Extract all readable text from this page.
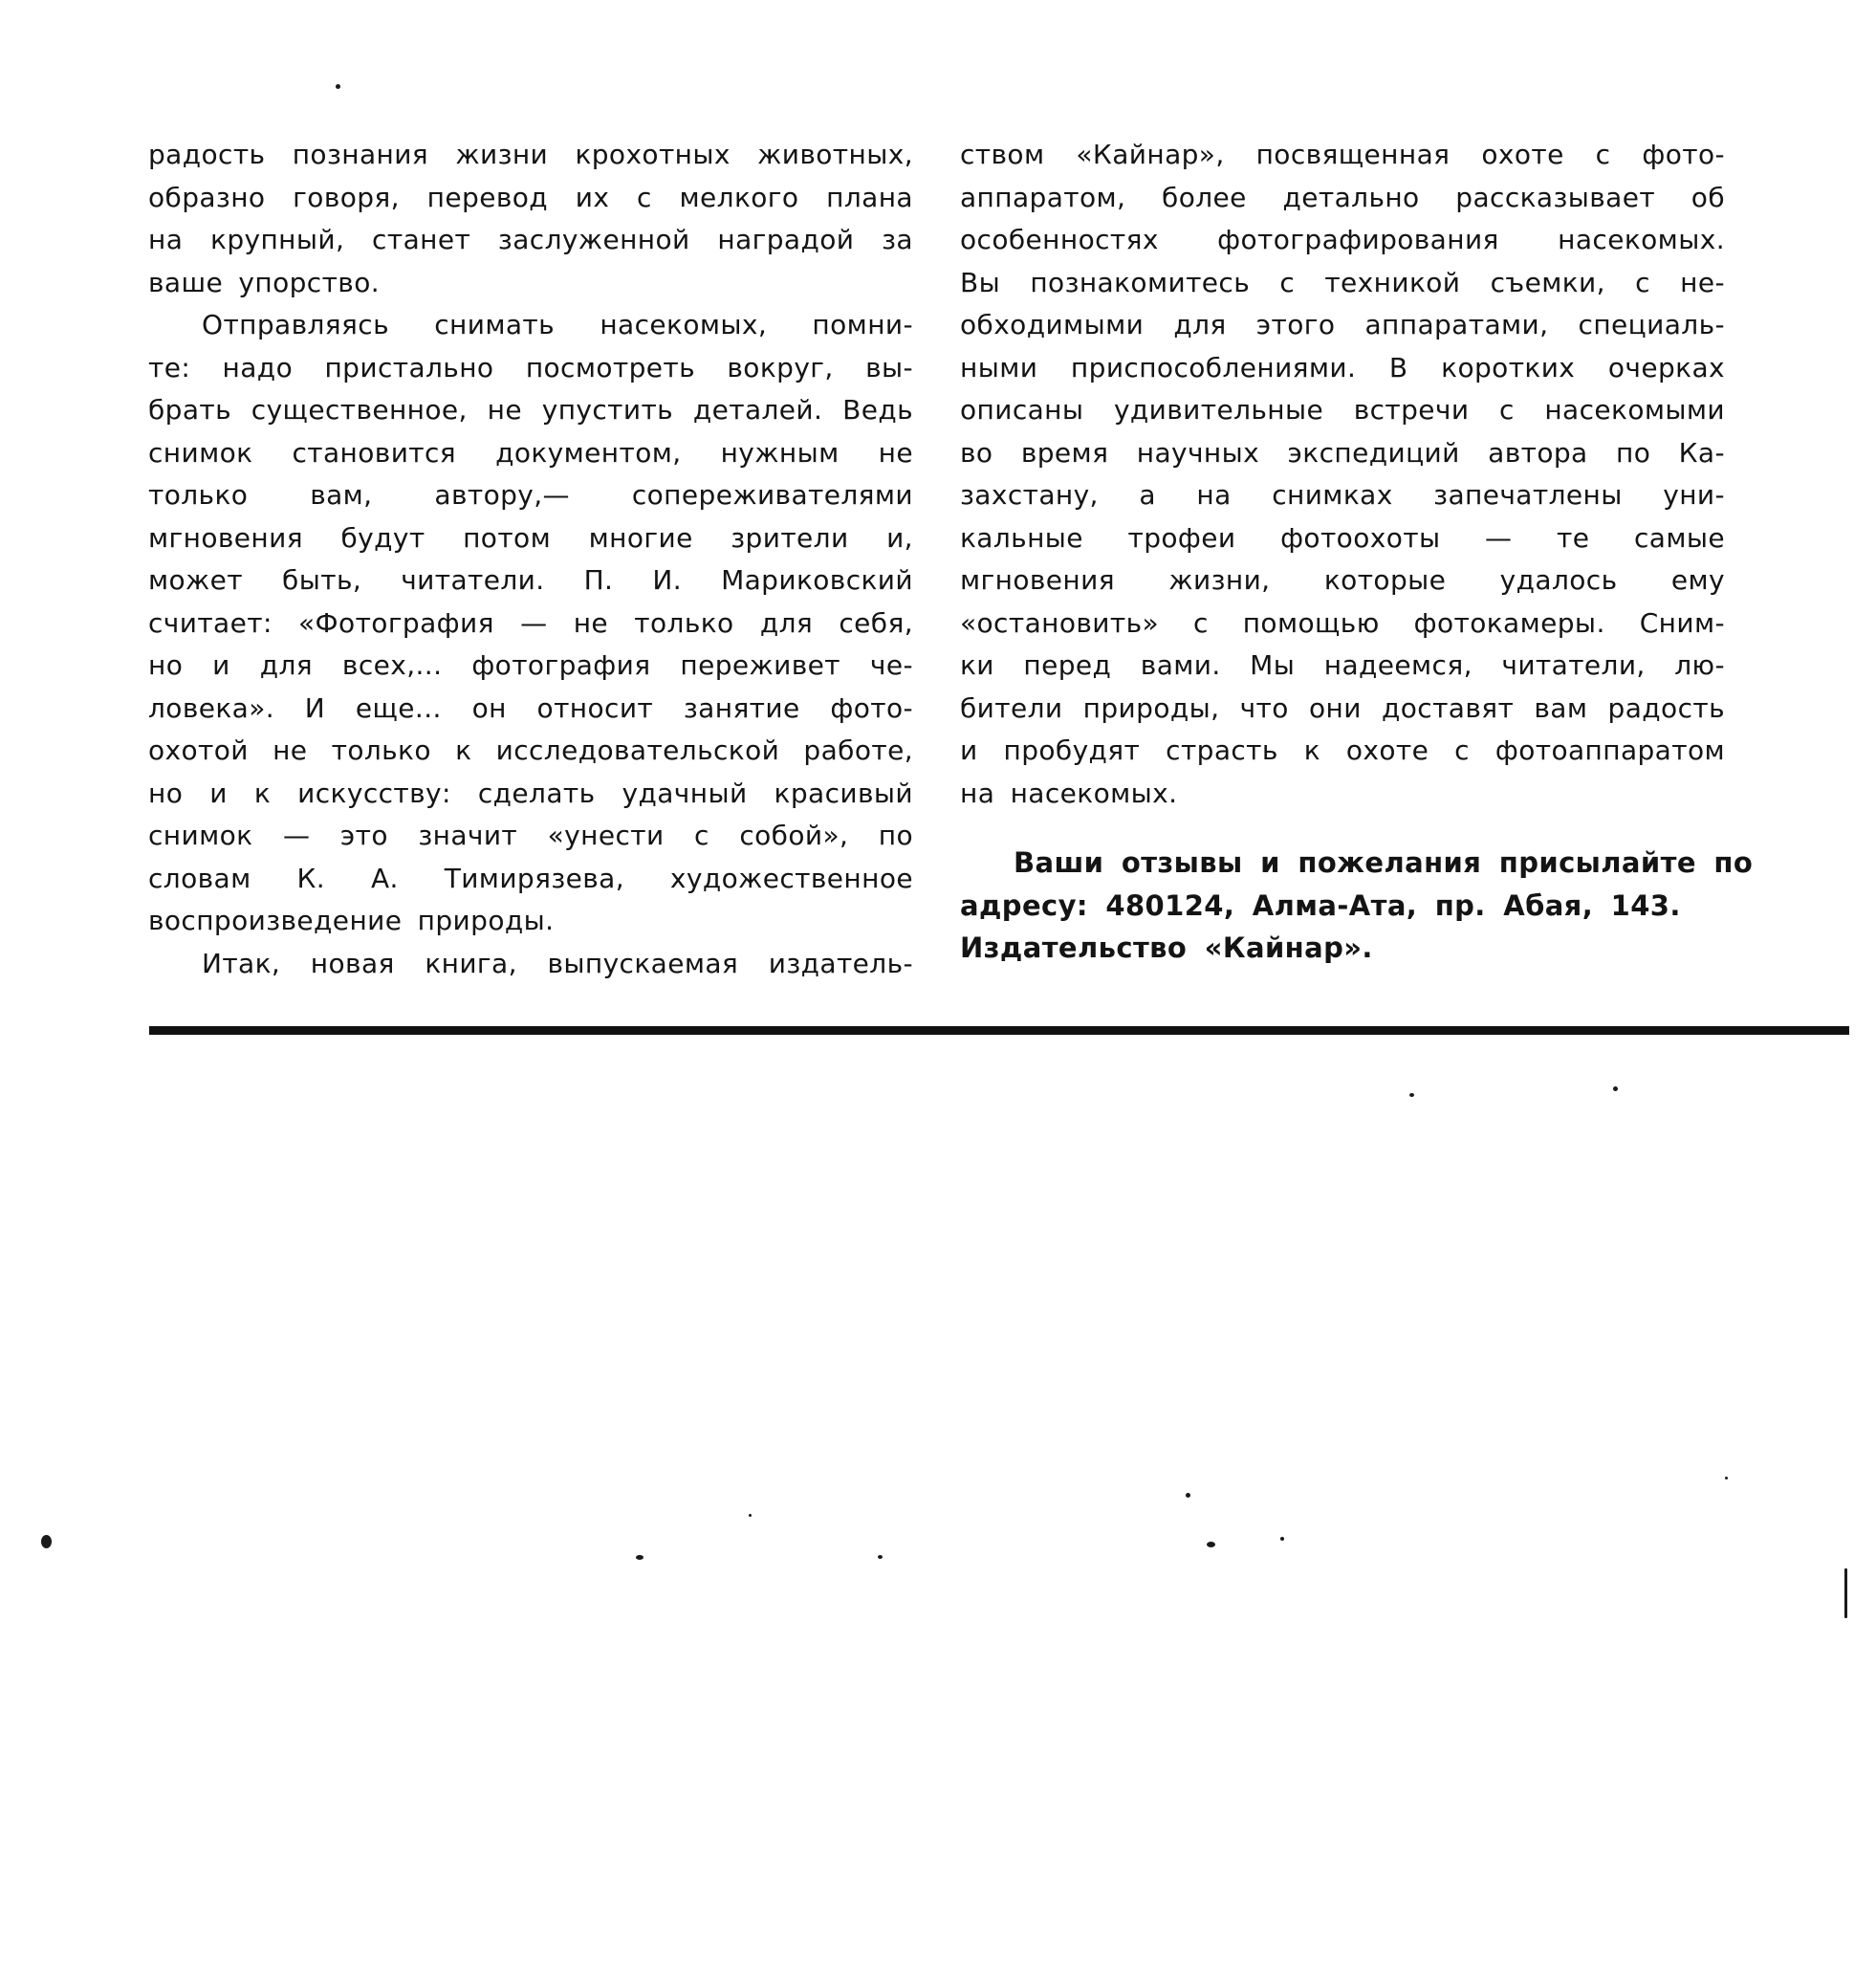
радость познания жизни крохотных животных,
образно говоря, перевод их с мелкого плана
на крупный, станет заслуженной наградой за
ваше упорство.
Отправляясь снимать насекомых, помни-
те: надо пристально посмотреть вокруг, вы-
брать существенное, не упустить деталей. Ведь
снимок становится документом, нужным не
только вам, автору,— сопереживателями
мгновения будут потом многие зрители и,
может быть, читатели. П. И. Мариковский
считает: «Фотография — не только для себя,
но и для всех,... фотография переживет че-
ловека». И еще... он относит занятие фото-
охотой не только к исследовательской работе,
но и к искусству: сделать удачный красивый
снимок — это значит «унести с собой», по
словам К. А. Тимирязева, художественное
воспроизведение природы.
Итак, новая книга, выпускаемая издатель-
ством «Кайнар», посвященная охоте с фото-
аппаратом, более детально рассказывает об
особенностях фотографирования насекомых.
Вы познакомитесь с техникой съемки, с не-
обходимыми для этого аппаратами, специаль-
ными приспособлениями. В коротких очерках
описаны удивительные встречи с насекомыми
во время научных экспедиций автора по Ка-
захстану, а на снимках запечатлены уни-
кальные трофеи фотоохоты — те самые
мгновения жизни, которые удалось ему
«остановить» с помощью фотокамеры. Сним-
ки перед вами. Мы надеемся, читатели, лю-
бители природы, что они доставят вам радость
и пробудят страсть к охоте с фотоаппаратом
на насекомых.
Ваши отзывы и пожелания присылайте по
адресу: 480124, Алма-Ата, пр. Абая, 143.
Издательство «Кайнар».
